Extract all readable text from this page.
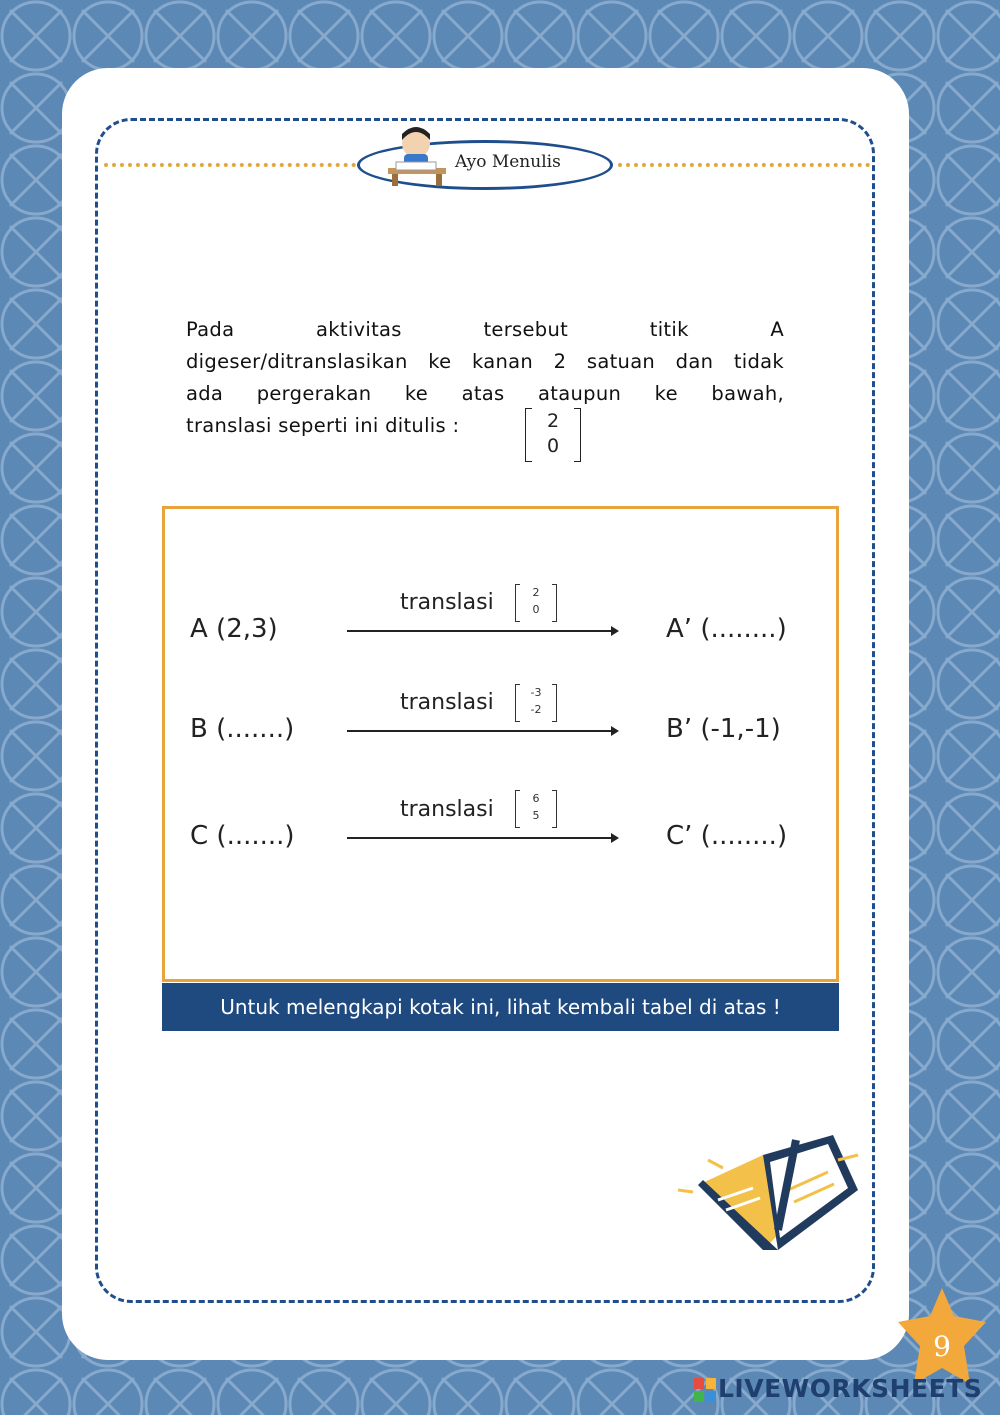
Ayo Menulis
Pada aktivitas tersebut titik A
digeser/ditranslasikan ke kanan 2 satuan dan tidak
ada pergerakan ke atas ataupun ke bawah,
translasi seperti ini ditulis :	2
0
A (2,3)
translasi	2
0
A’ (........)
B (.......)
translasi	-3
-2
B’ (-1,-1)
C (.......)
translasi	6
5
C’ (........)
Untuk melengkapi kotak ini, lihat kembali tabel di atas !
9
LIVEWORKSHEETS
